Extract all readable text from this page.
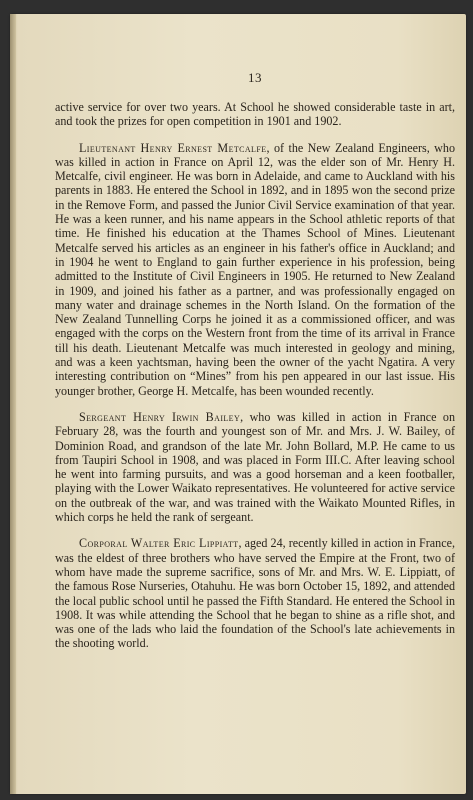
13

active service for over two years. At School he showed considerable taste in art, and took the prizes for open competition in 1901 and 1902.

Lieutenant Henry Ernest Metcalfe, of the New Zealand Engineers, who was killed in action in France on April 12, was the elder son of Mr. Henry H. Metcalfe, civil engineer. He was born in Adelaide, and came to Auckland with his parents in 1883. He entered the School in 1892, and in 1895 won the second prize in the Remove Form, and passed the Junior Civil Service examination of that year. He was a keen runner, and his name appears in the School athletic reports of that time. He finished his education at the Thames School of Mines. Lieutenant Metcalfe served his articles as an engineer in his father's office in Auckland; and in 1904 he went to England to gain further experience in his profession, being admitted to the Institute of Civil Engineers in 1905. He returned to New Zealand in 1909, and joined his father as a partner, and was professionally engaged on many water and drainage schemes in the North Island. On the formation of the New Zealand Tunnelling Corps he joined it as a commissioned officer, and was engaged with the corps on the Western front from the time of its arrival in France till his death. Lieutenant Metcalfe was much interested in geology and mining, and was a keen yachtsman, having been the owner of the yacht Ngatira. A very interesting contribution on “Mines” from his pen appeared in our last issue. His younger brother, George H. Metcalfe, has been wounded recently.

Sergeant Henry Irwin Bailey, who was killed in action in France on February 28, was the fourth and youngest son of Mr. and Mrs. J. W. Bailey, of Dominion Road, and grandson of the late Mr. John Bollard, M.P. He came to us from Taupiri School in 1908, and was placed in Form III.C. After leaving school he went into farming pursuits, and was a good horseman and a keen footballer, playing with the Lower Waikato representatives. He volunteered for active service on the outbreak of the war, and was trained with the Waikato Mounted Rifles, in which corps he held the rank of sergeant.

Corporal Walter Eric Lippiatt, aged 24, recently killed in action in France, was the eldest of three brothers who have served the Empire at the Front, two of whom have made the supreme sacrifice, sons of Mr. and Mrs. W. E. Lippiatt, of the famous Rose Nurseries, Otahuhu. He was born October 15, 1892, and attended the local public school until he passed the Fifth Standard. He entered the School in 1908. It was while attending the School that he began to shine as a rifle shot, and was one of the lads who laid the foundation of the School's late achievements in the shooting world.
